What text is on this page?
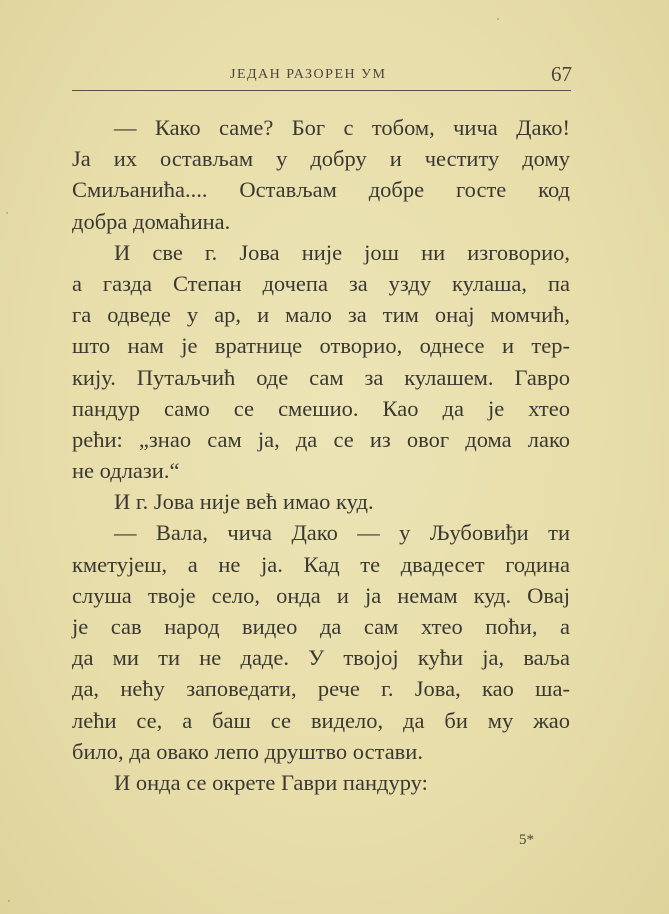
ЈЕДАН РАЗОРЕН УМ	67
— Како саме? Бог с тобом, чича Дако!
Ја их остављам у добру и честиту дому
Смиљанића.... Остављам добре госте код
добра домаћина.
И све г. Јова није још ни изговорио,
а газда Степан дочепа за узду кулаша, па
га одведе у ар, и мало за тим онај момчић,
што нам је вратнице отворио, однесе и тер-
кију. Путаљчић оде сам за кулашем. Гавро
пандур само се смешио. Као да је хтео
рећи: „знао сам ја, да се из овог дома лако
не одлази.“
И г. Јова није већ имао куд.
— Вала, чича Дако — у Љубовиђи ти
кметујеш, а не ја. Кад те двадесет година
слуша твоје село, онда и ја немам куд. Овај
је сав народ видео да сам хтео поћи, а
да ми ти не даде. У твојој кући ја, ваља
да, нећу заповедати, рече г. Јова, као ша-
лећи се, а баш се видело, да би му жао
било, да овако лепо друштво остави.
И онда се окрете Гаври пандуру:
5*
